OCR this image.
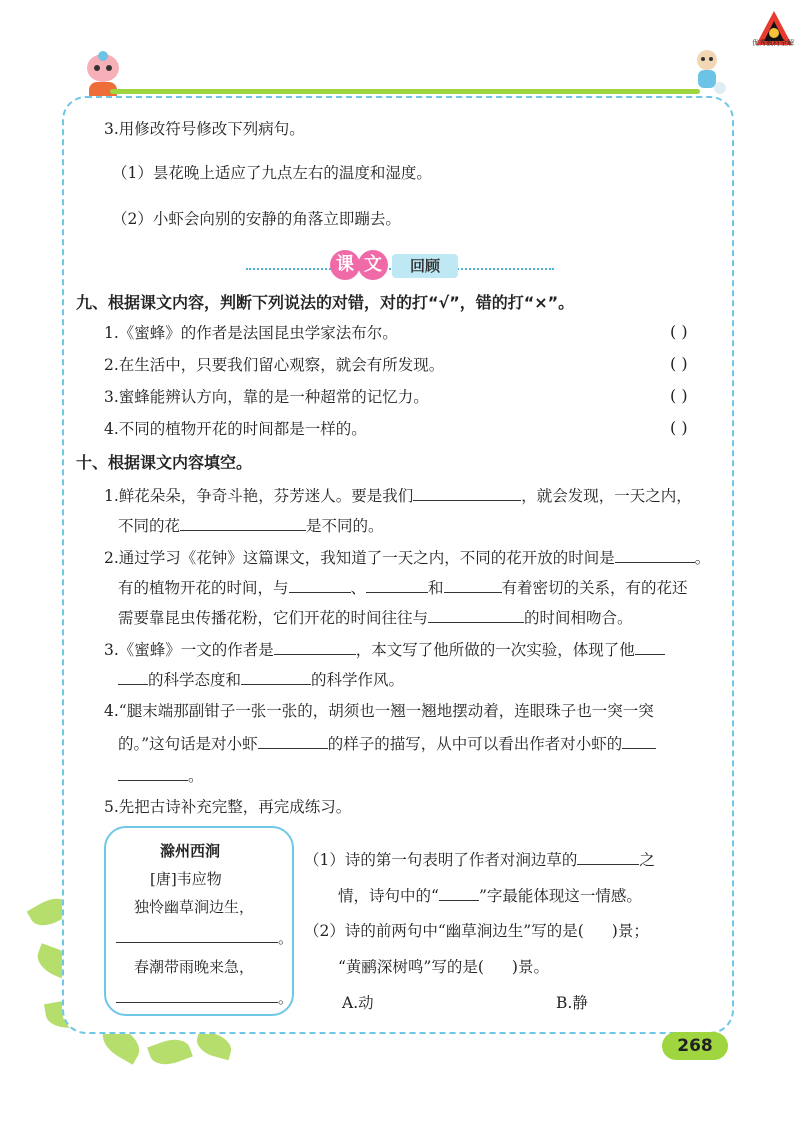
优秀教材全解
3.用修改符号修改下列病句。
（1）昙花晚上适应了九点左右的温度和湿度。
（2）小虾会向别的安静的角落立即蹦去。
课 文	回顾
九、根据课文内容，判断下列说法的对错，对的打“√”，错的打“×”。
1.《蜜蜂》的作者是法国昆虫学家法布尔。	( )
2.在生活中，只要我们留心观察，就会有所发现。	( )
3.蜜蜂能辨认方向，靠的是一种超常的记忆力。	( )
4.不同的植物开花的时间都是一样的。	( )
十、根据课文内容填空。
1.鲜花朵朵，争奇斗艳，芬芳迷人。要是我们	，就会发现，一天之内，
不同的花	是不同的。
2.通过学习《花钟》这篇课文，我知道了一天之内，不同的花开放的时间是	。
有的植物开花的时间，与	、	和	有着密切的关系，有的花还
需要靠昆虫传播花粉，它们开花的时间往往与	的时间相吻合。
3.《蜜蜂》一文的作者是	，本文写了他所做的一次实验，体现了他
的科学态度和	的科学作风。
4.“腿末端那副钳子一张一张的，胡须也一翘一翘地摆动着，连眼珠子也一突一突
的。”这句话是对小虾	的样子的描写，从中可以看出作者对小虾的
。
5.先把古诗补充完整，再完成练习。
滁州西涧
[唐]韦应物
独怜幽草涧边生，
。
春潮带雨晚来急，
。
（1）诗的第一句表明了作者对涧边草的	之
情，诗句中的“	”字最能体现这一情感。
（2）诗的前两句中“幽草涧边生”写的是( )景；
“黄鹂深树鸣”写的是( )景。
A.动	B.静
268
